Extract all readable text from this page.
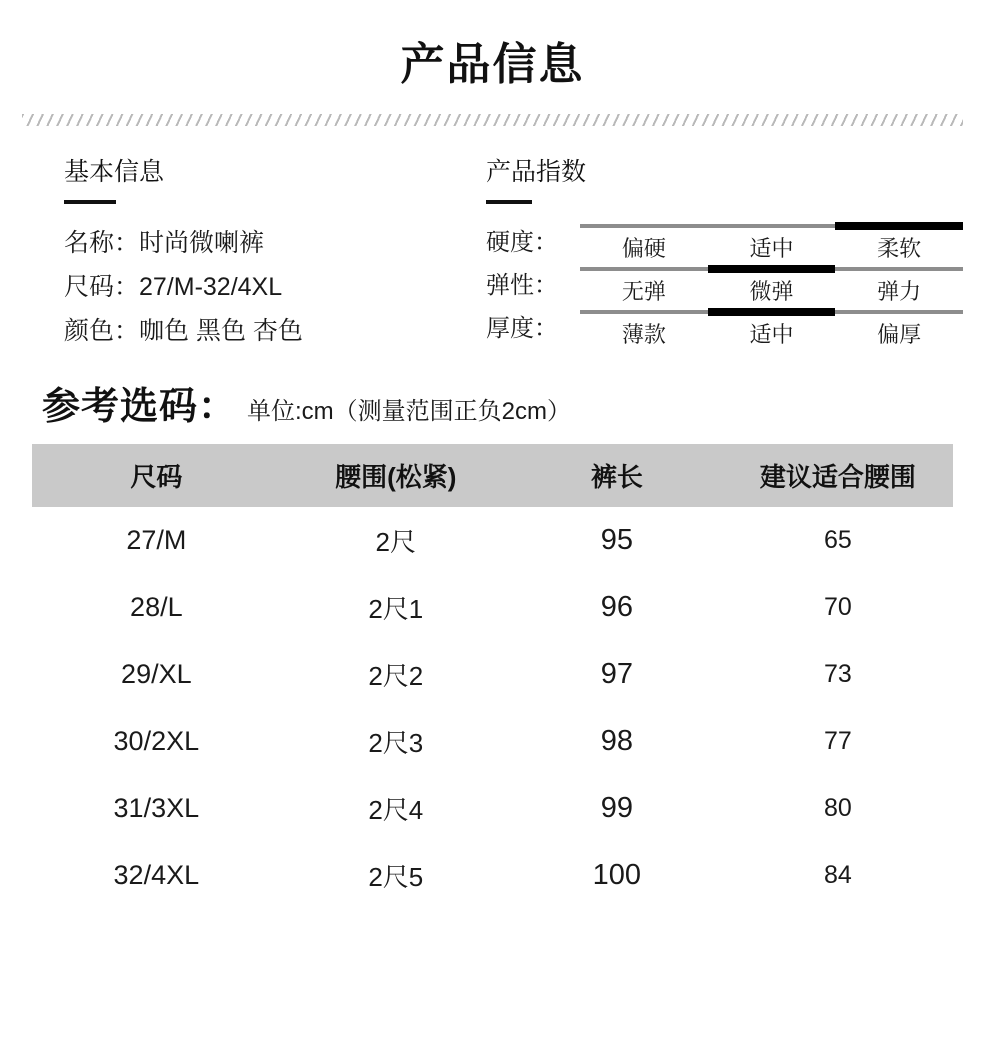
产品信息
基本信息
名称：时尚微喇裤
尺码：27/M-32/4XL
颜色：咖色 黑色 杏色
产品指数
硬度：	偏硬	适中	柔软
弹性：	无弹	微弹	弹力
厚度：	薄款	适中	偏厚
参考选码： 单位:cm（测量范围正负2cm）
尺码	腰围(松紧)	裤长	建议适合腰围
27/M	2尺	95	65
28/L	2尺1	96	70
29/XL	2尺2	97	73
30/2XL	2尺3	98	77
31/3XL	2尺4	99	80
32/4XL	2尺5	100	84
